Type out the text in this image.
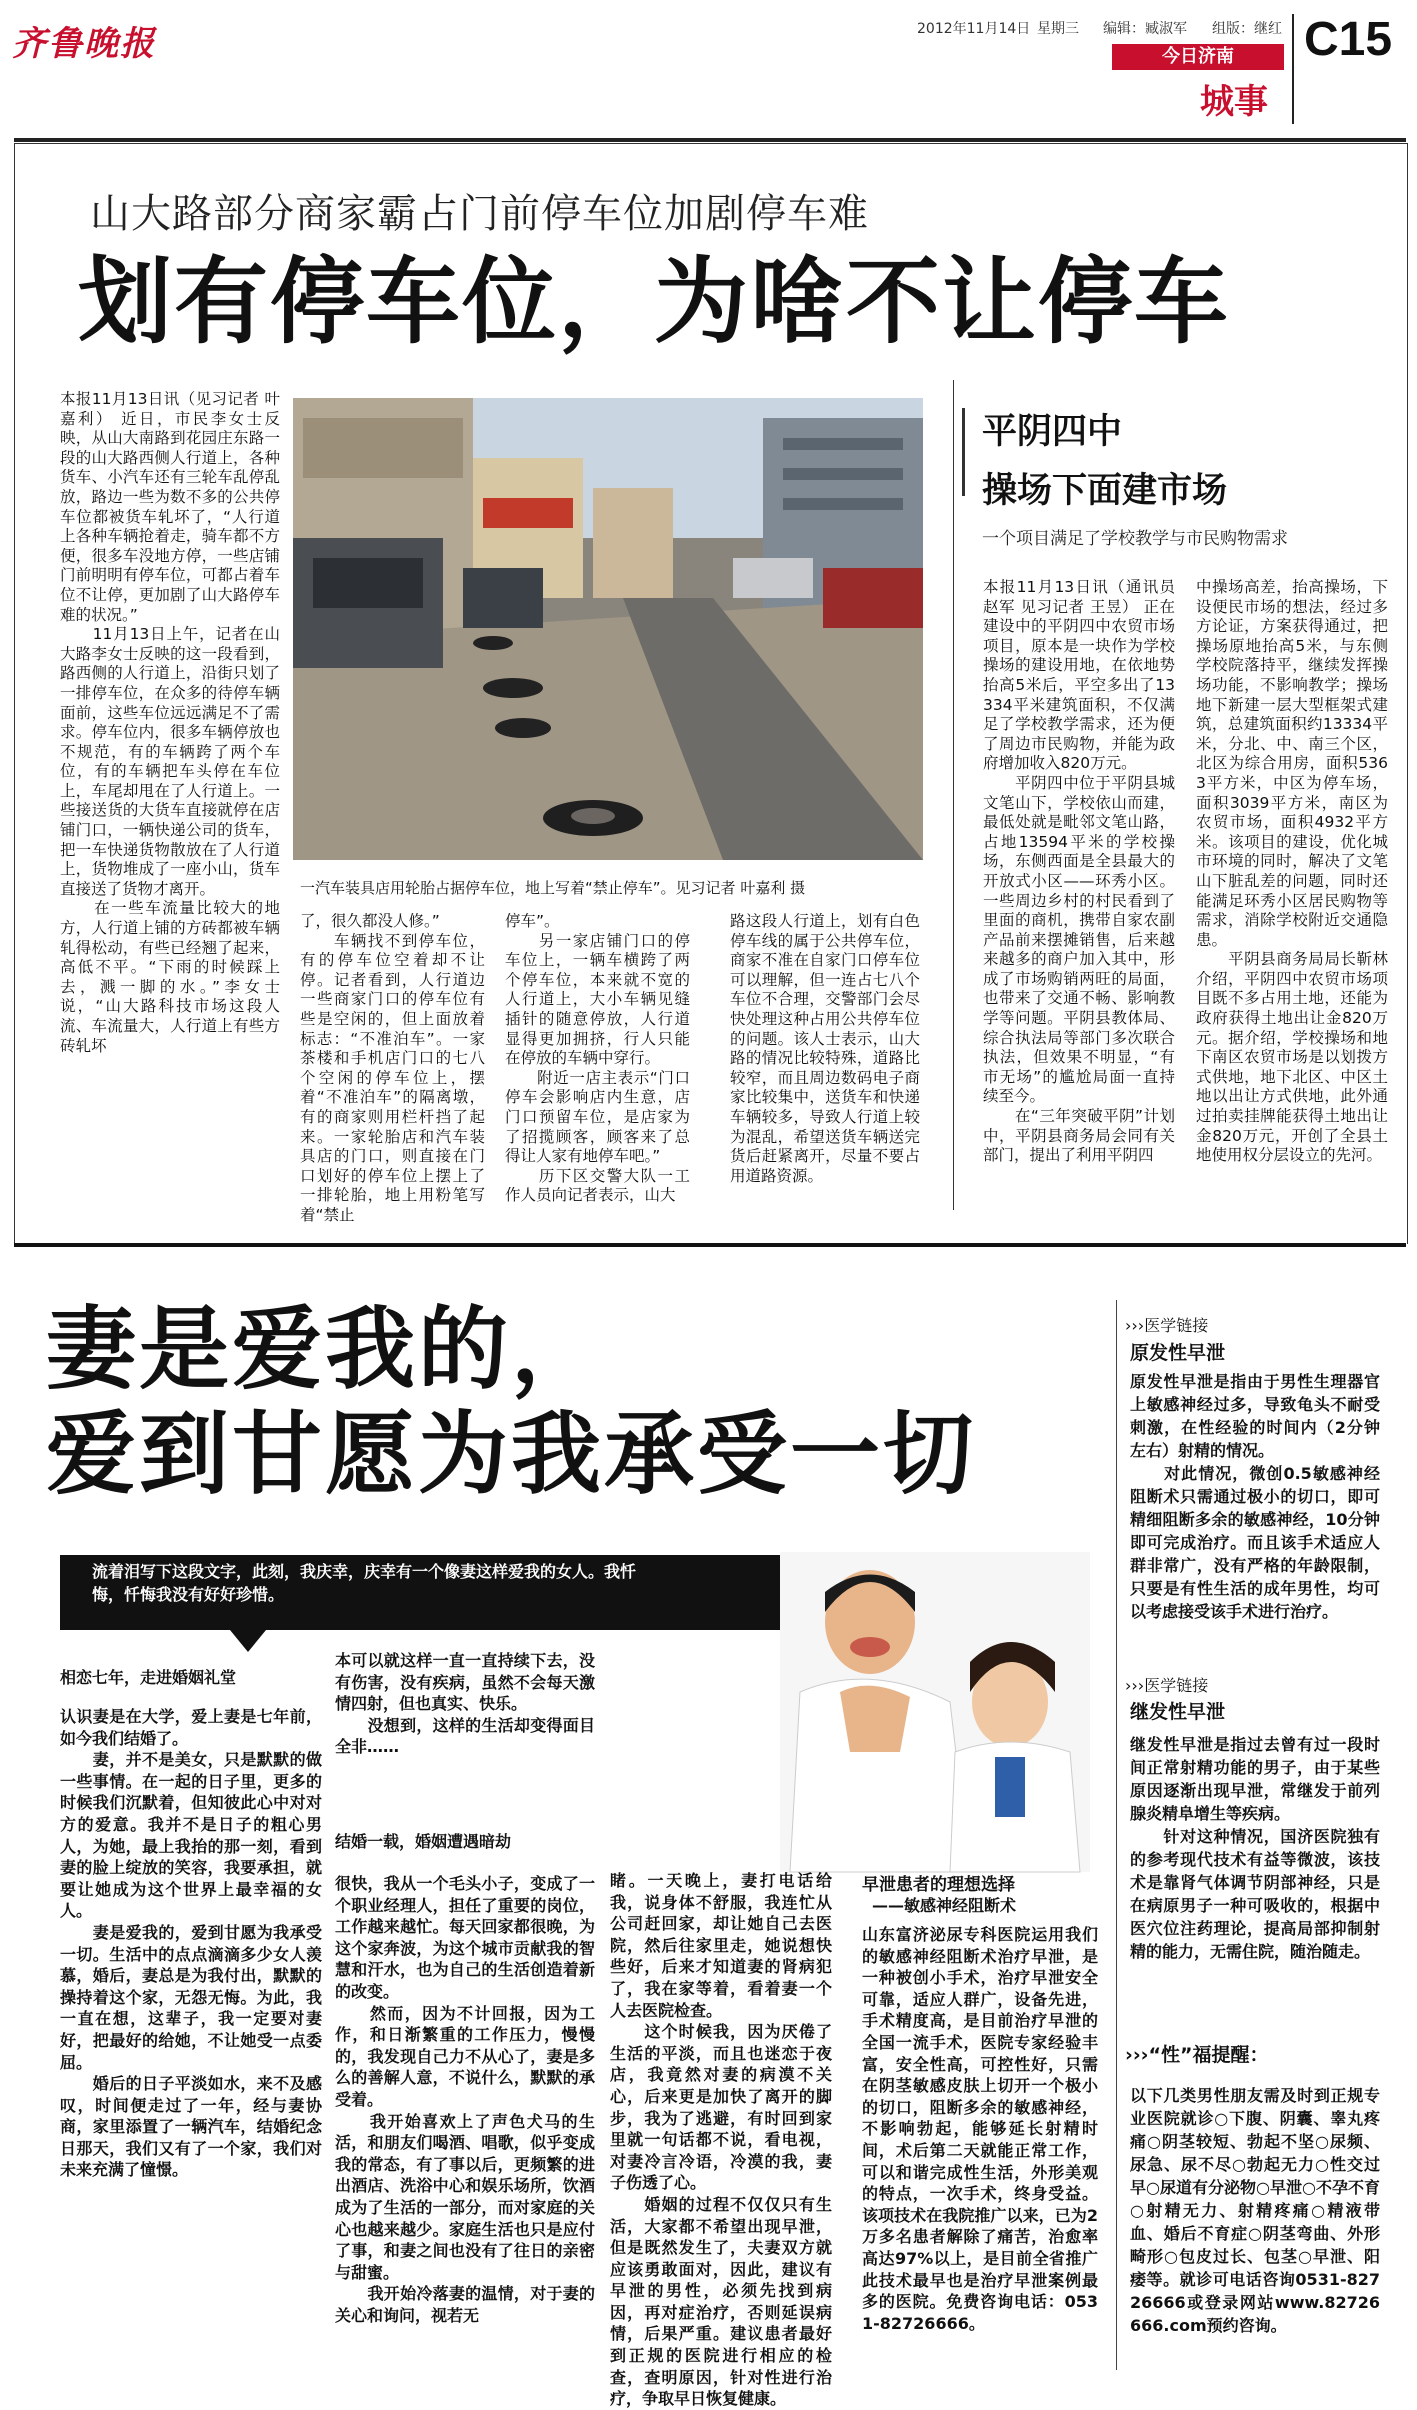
齐鲁晚报	2012年11月14日 星期三 编辑：臧淑军 组版：继红
今日济南
城事
C15
山大路部分商家霸占门前停车位加剧停车难
划有停车位，为啥不让停车
本报11月13日讯（见习记者 叶嘉利） 近日，市民李女士反映，从山大南路到花园庄东路一段的山大路西侧人行道上，各种货车、小汽车还有三轮车乱停乱放，路边一些为数不多的公共停车位都被货车轧坏了，“人行道上各种车辆抢着走，骑车都不方便，很多车没地方停，一些店铺门前明明有停车位，可都占着车位不让停，更加剧了山大路停车难的状况。”
　　11月13日上午，记者在山大路李女士反映的这一段看到，路西侧的人行道上，沿街只划了一排停车位，在众多的待停车辆面前，这些车位远远满足不了需求。停车位内，很多车辆停放也不规范，有的车辆跨了两个车位，有的车辆把车头停在车位上，车尾却甩在了人行道上。一些接送货的大货车直接就停在店铺门口，一辆快递公司的货车，把一车快递货物散放在了人行道上，货物堆成了一座小山，货车直接送了货物才离开。
　　在一些车流量比较大的地方，人行道上铺的方砖都被车辆轧得松动，有些已经翘了起来，高低不平。“下雨的时候踩上去，溅一脚的水。”李女士说，“山大路科技市场这段人流、车流量大，人行道上有些方砖轧坏
一汽车装具店用轮胎占据停车位，地上写着“禁止停车”。见习记者 叶嘉利 摄
了，很久都没人修。”
　　车辆找不到停车位，有的停车位空着却不让停。记者看到，人行道边一些商家门口的停车位有些是空闲的，但上面放着标志：“不准泊车”。一家茶楼和手机店门口的七八个空闲的停车位上，摆着“不准泊车”的隔离墩，有的商家则用栏杆挡了起来。一家轮胎店和汽车装具店的门口，则直接在门口划好的停车位上摆上了一排轮胎，地上用粉笔写着“禁止
停车”。
　　另一家店铺门口的停车位上，一辆车横跨了两个停车位，本来就不宽的人行道上，大小车辆见缝插针的随意停放，人行道显得更加拥挤，行人只能在停放的车辆中穿行。
　　附近一店主表示“门口停车会影响店内生意，店门口预留车位，是店家为了招揽顾客，顾客来了总得让人家有地停车吧。”
　　历下区交警大队一工作人员向记者表示，山大
路这段人行道上，划有白色停车线的属于公共停车位，商家不准在自家门口停车位可以理解，但一连占七八个车位不合理，交警部门会尽快处理这种占用公共停车位的问题。该人士表示，山大路的情况比较特殊，道路比较窄，而且周边数码电子商家比较集中，送货车和快递车辆较多，导致人行道上较为混乱，希望送货车辆送完货后赶紧离开，尽量不要占用道路资源。
平阴四中
操场下面建市场
一个项目满足了学校教学与市民购物需求
本报11月13日讯（通讯员 赵军 见习记者 王昱） 正在建设中的平阴四中农贸市场项目，原本是一块作为学校操场的建设用地，在依地势抬高5米后，平空多出了13334平米建筑面积，不仅满足了学校教学需求，还为便了周边市民购物，并能为政府增加收入820万元。
　　平阴四中位于平阴县城文笔山下，学校依山而建，最低处就是毗邻文笔山路，占地13594平米的学校操场，东侧西面是全县最大的开放式小区——环秀小区。一些周边乡村的村民看到了里面的商机，携带自家农副产品前来摆摊销售，后来越来越多的商户加入其中，形成了市场购销两旺的局面，也带来了交通不畅、影响教学等问题。平阴县教体局、综合执法局等部门多次联合执法，但效果不明显，“有市无场”的尴尬局面一直持续至今。
　　在“三年突破平阴”计划中，平阴县商务局会同有关部门，提出了利用平阴四
中操场高差，抬高操场，下设便民市场的想法，经过多方论证，方案获得通过，把操场原地抬高5米，与东侧学校院落持平，继续发挥操场功能，不影响教学；操场地下新建一层大型框架式建筑，总建筑面积约13334平米，分北、中、南三个区，北区为综合用房，面积5363平方米，中区为停车场，面积3039平方米，南区为农贸市场，面积4932平方米。该项目的建设，优化城市环境的同时，解决了文笔山下脏乱差的问题，同时还能满足环秀小区居民购物等需求，消除学校附近交通隐患。
　　平阴县商务局局长靳林介绍，平阴四中农贸市场项目既不多占用土地，还能为政府获得土地出让金820万元。据介绍，学校操场和地下南区农贸市场是以划拨方式供地，地下北区、中区土地以出让方式供地，此外通过拍卖挂牌能获得土地出让金820万元，开创了全县土地使用权分层设立的先河。
妻是爱我的，
爱到甘愿为我承受一切
流着泪写下这段文字，此刻，我庆幸，庆幸有一个像妻这样爱我的女人。我忏悔，忏悔我没有好好珍惜。
相恋七年，走进婚姻礼堂
认识妻是在大学，爱上妻是七年前，如今我们结婚了。
　　妻，并不是美女，只是默默的做一些事情。在一起的日子里，更多的时候我们沉默着，但知彼此心中对对方的爱意。我并不是日子的粗心男人，为她，最上我抬的那一刻，看到妻的脸上绽放的笑容，我要承担，就要让她成为这个世界上最幸福的女人。
　　妻是爱我的，爱到甘愿为我承受一切。生活中的点点滴滴多少女人羡慕，婚后，妻总是为我付出，默默的操持着这个家，无怨无悔。为此，我一直在想，这辈子，我一定要对妻好，把最好的给她，不让她受一点委屈。
　　婚后的日子平淡如水，来不及感叹，时间便走过了一年，经与妻协商，家里添置了一辆汽车，结婚纪念日那天，我们又有了一个家，我们对未来充满了憧憬。
本可以就这样一直一直持续下去，没有伤害，没有疾病，虽然不会每天激情四射，但也真实、快乐。
　　没想到，这样的生活却变得面目全非……
结婚一载，婚姻遭遇暗劫
很快，我从一个毛头小子，变成了一个职业经理人，担任了重要的岗位，工作越来越忙。每天回家都很晚，为这个家奔波，为这个城市贡献我的智慧和汗水，也为自己的生活创造着新的改变。
　　然而，因为不计回报，因为工作，和日渐繁重的工作压力，慢慢的，我发现自己力不从心了，妻是多么的善解人意，不说什么，默默的承受着。
　　我开始喜欢上了声色犬马的生活，和朋友们喝酒、唱歌，似乎变成我的常态，有了事以后，更频繁的进出酒店、洗浴中心和娱乐场所，饮酒成为了生活的一部分，而对家庭的关心也越来越少。家庭生活也只是应付了事，和妻之间也没有了往日的亲密与甜蜜。
　　我开始冷落妻的温情，对于妻的关心和询问，视若无
睹。一天晚上，妻打电话给我，说身体不舒服，我连忙从公司赶回家，却让她自己去医院，然后往家里走，她说想快些好，后来才知道妻的肾病犯了，我在家等着，看着妻一个人去医院检查。
　　这个时候我，因为厌倦了生活的平淡，而且也迷恋于夜店，我竟然对妻的病漠不关心，后来更是加快了离开的脚步，我为了逃避，有时回到家里就一句话都不说，看电视，对妻冷言冷语，冷漠的我，妻子伤透了心。
　　婚姻的过程不仅仅只有生活，大家都不希望出现早泄，但是既然发生了，夫妻双方就应该勇敢面对，因此，建议有早泄的男性，必须先找到病因，再对症治疗，否则延误病情，后果严重。建议患者最好到正规的医院进行相应的检查，查明原因，针对性进行治疗，争取早日恢复健康。
早泄患者的理想选择
——敏感神经阻断术
山东富济泌尿专科医院运用我们的敏感神经阻断术治疗早泄，是一种被创小手术，治疗早泄安全可靠，适应人群广，设备先进，手术精度高，是目前治疗早泄的全国一流手术，医院专家经验丰富，安全性高，可控性好，只需在阴茎敏感皮肤上切开一个极小的切口，阻断多余的敏感神经，不影响勃起，能够延长射精时间，术后第二天就能正常工作，可以和谐完成性生活，外形美观的特点，一次手术，终身受益。该项技术在我院推广以来，已为2万多名患者解除了痛苦，治愈率高达97%以上，是目前全省推广此技术最早也是治疗早泄案例最多的医院。免费咨询电话：0531-82726666。
›››医学链接
原发性早泄
原发性早泄是指由于男性生理器官上敏感神经过多，导致龟头不耐受刺激，在性经验的时间内（2分钟左右）射精的情况。
　　对此情况，微创0.5敏感神经阻断术只需通过极小的切口，即可精细阻断多余的敏感神经，10分钟即可完成治疗。而且该手术适应人群非常广，没有严格的年龄限制，只要是有性生活的成年男性，均可以考虑接受该手术进行治疗。
›››医学链接
继发性早泄
继发性早泄是指过去曾有过一段时间正常射精功能的男子，由于某些原因逐渐出现早泄，常继发于前列腺炎精阜增生等疾病。
　　针对这种情况，国济医院独有的参考现代技术有益等微波，该技术是靠肾气体调节阴部神经，只是在病原男子一种可吸收的，根据中医穴位注药理论，提高局部抑制射精的能力，无需住院，随治随走。
›››“性”福提醒：
以下几类男性朋友需及时到正规专业医院就诊○下腹、阴囊、睾丸疼痛○阴茎较短、勃起不坚○尿频、尿急、尿不尽○勃起无力○性交过早○尿道有分泌物○早泄○不孕不育○射精无力、射精疼痛○精液带血、婚后不育症○阴茎弯曲、外形畸形○包皮过长、包茎○早泄、阳痿等。就诊可电话咨询0531-82726666或登录网站www.82726666.com预约咨询。
